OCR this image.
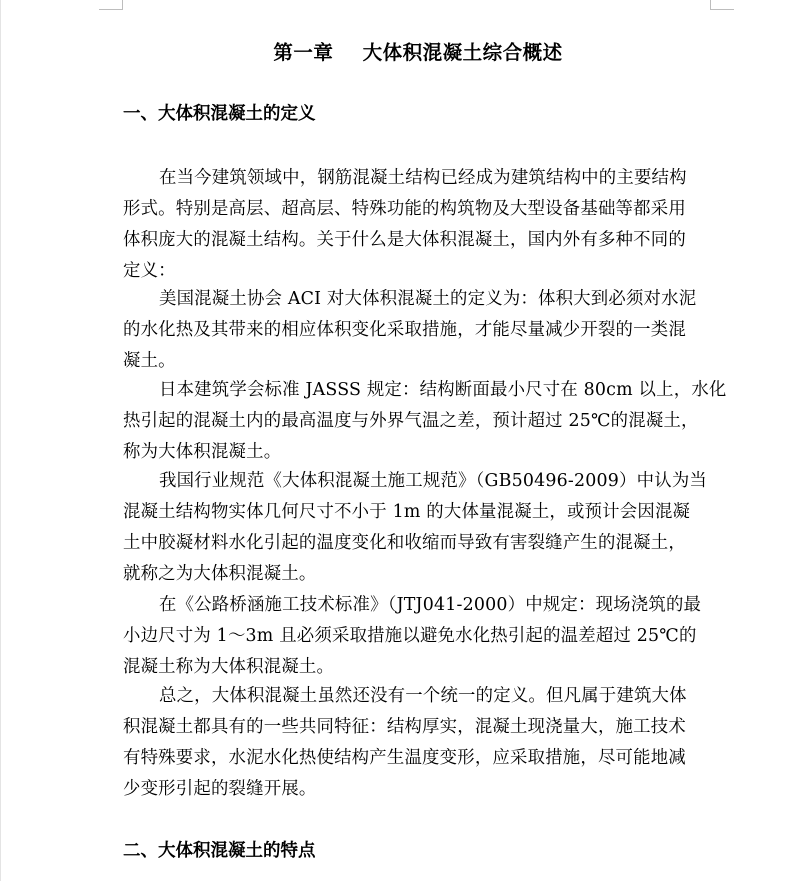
第一章    大体积混凝土综合概述
一、大体积混凝土的定义
在当今建筑领域中，钢筋混凝土结构已经成为建筑结构中的主要结构
形式。特别是高层、超高层、特殊功能的构筑物及大型设备基础等都采用
体积庞大的混凝土结构。关于什么是大体积混凝土，国内外有多种不同的
定义：
美国混凝土协会 ACI 对大体积混凝土的定义为：体积大到必须对水泥
的水化热及其带来的相应体积变化采取措施，才能尽量减少开裂的一类混
凝土。
日本建筑学会标准 JASSS 规定：结构断面最小尺寸在 80cm 以上，水化
热引起的混凝土内的最高温度与外界气温之差，预计超过 25℃的混凝土，
称为大体积混凝土。
我国行业规范《大体积混凝土施工规范》（GB50496-2009）中认为当
混凝土结构物实体几何尺寸不小于 1m 的大体量混凝土，或预计会因混凝
土中胶凝材料水化引起的温度变化和收缩而导致有害裂缝产生的混凝土，
就称之为大体积混凝土。
在《公路桥涵施工技术标准》（JTJ041-2000）中规定：现场浇筑的最
小边尺寸为 1～3m 且必须采取措施以避免水化热引起的温差超过 25℃的
混凝土称为大体积混凝土。
总之，大体积混凝土虽然还没有一个统一的定义。但凡属于建筑大体
积混凝土都具有的一些共同特征：结构厚实，混凝土现浇量大，施工技术
有特殊要求，水泥水化热使结构产生温度变形，应采取措施，尽可能地减
少变形引起的裂缝开展。
二、大体积混凝土的特点
